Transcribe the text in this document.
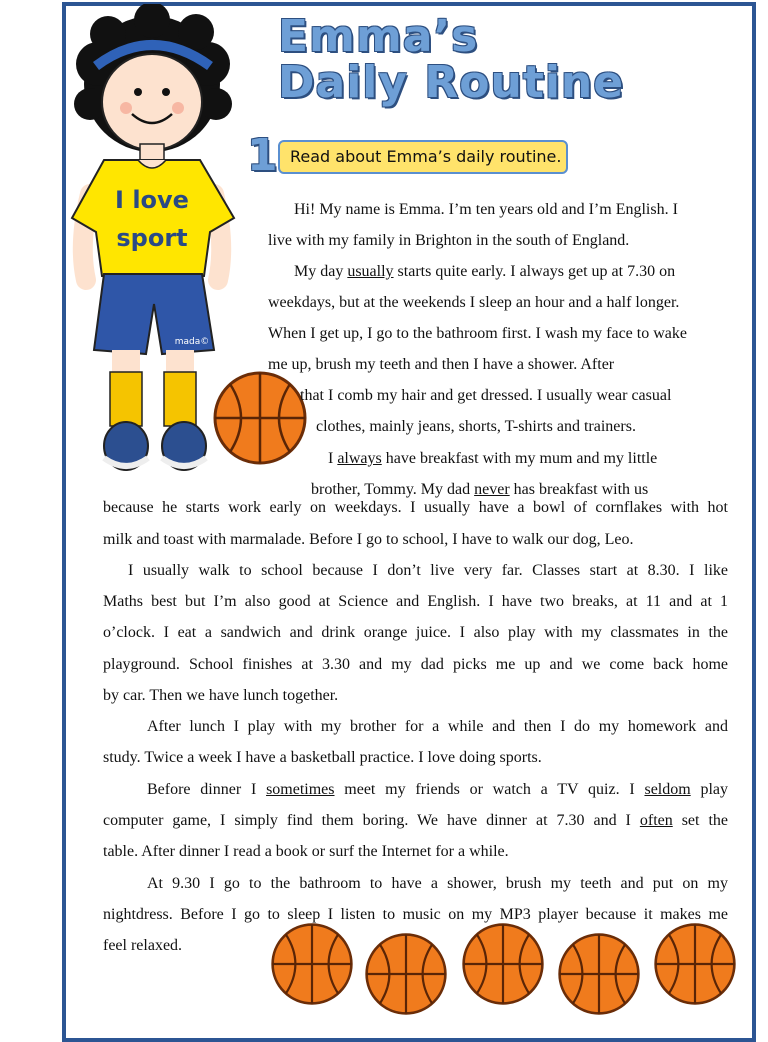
I love
sport
mada©
Emma’s
Daily Routine
1 Read about Emma’s daily routine.
Hi! My name is Emma. I’m ten years old and I’m English. I
live with my family in Brighton in the south of England.
My day usually starts quite early. I always get up at 7.30 on
weekdays, but at the weekends I sleep an hour and a half longer.
When I get up, I go to the bathroom first. I wash my face to wake
me up, brush my teeth and then I have a shower. After
that I comb my hair and get dressed. I usually wear casual
clothes, mainly jeans, shorts, T-shirts and trainers.
I always have breakfast with my mum and my little
brother, Tommy. My dad never has breakfast with us
because he starts work early on weekdays. I usually have a bowl of cornflakes with hot
milk and toast with marmalade. Before I go to school, I have to walk our dog, Leo.
I usually walk to school because I don’t live very far. Classes start at 8.30. I like
Maths best but I’m also good at Science and English. I have two breaks, at 11 and at 1
o’clock. I eat a sandwich and drink orange juice. I also play with my classmates in the
playground. School finishes at 3.30 and my dad picks me up and we come back home
by car. Then we have lunch together.
After lunch I play with my brother for a while and then I do my homework and
study. Twice a week I have a basketball practice. I love doing sports.
Before dinner I sometimes meet my friends or watch a TV quiz. I seldom play
computer game, I simply find them boring. We have dinner at 7.30 and I often set the
table. After dinner I read a book or surf the Internet for a while.
At 9.30 I go to the bathroom to have a shower, brush my teeth and put on my
nightdress. Before I go to sleep I listen to music on my MP3 player because it makes me
feel relaxed.
